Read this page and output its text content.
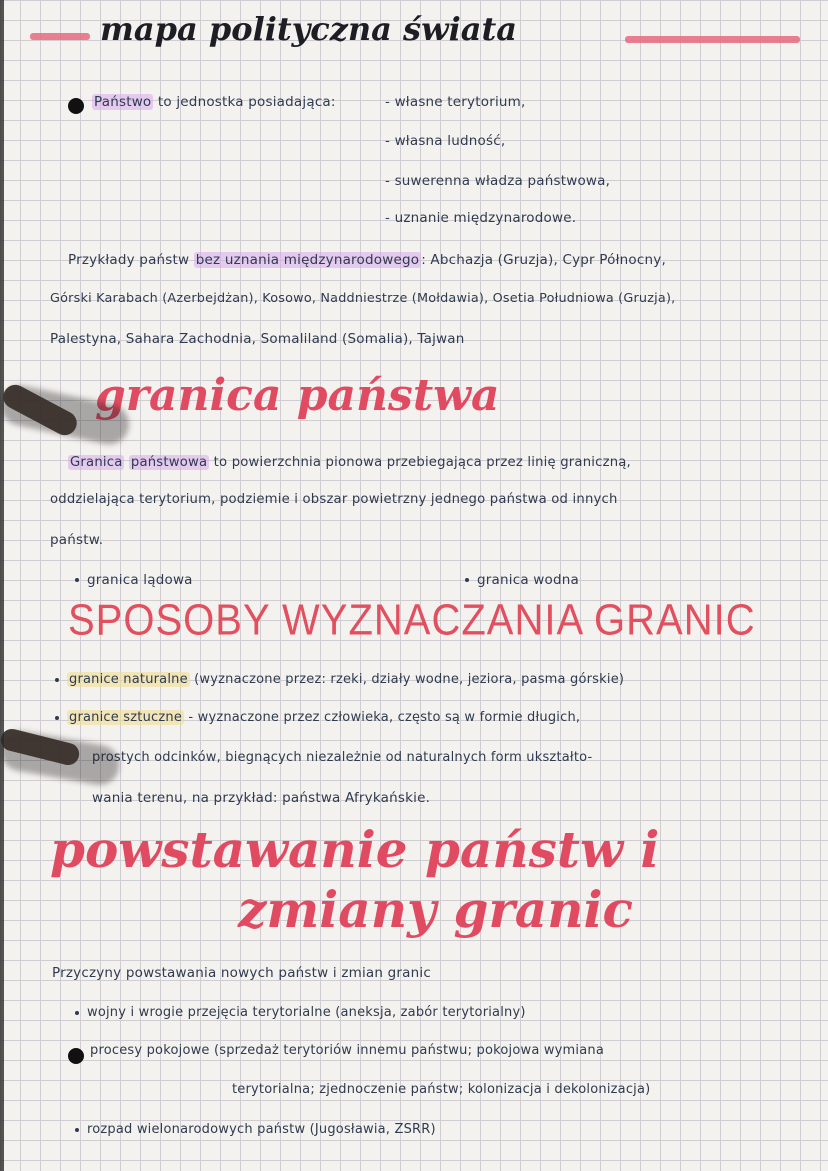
mapa polityczna świata
Państwo to jednostka posiadająca:	- własne terytorium,
- własna ludność,
- suwerenna władza państwowa,
- uznanie międzynarodowe.
Przykłady państw bez uznania międzynarodowego : Abchazja (Gruzja), Cypr Północny,
Górski Karabach (Azerbejdżan), Kosowo, Naddniestrze (Mołdawia), Osetia Południowa (Gruzja),
Palestyna, Sahara Zachodnia, Somaliland (Somalia), Tajwan
granica państwa
Granica państwowa to powierzchnia pionowa przebiegająca przez linię graniczną,
oddzielająca terytorium, podziemie i obszar powietrzny jednego państwa od innych
państw.
granica lądowa	granica wodna
SPOSOBY WYZNACZANIA GRANIC
granice naturalne (wyznaczone przez: rzeki, działy wodne, jeziora, pasma górskie)
granice sztuczne - wyznaczone przez człowieka, często są w formie długich,
prostych odcinków, biegnących niezależnie od naturalnych form ukształto-
wania terenu, na przykład: państwa Afrykańskie.
powstawanie państw i
zmiany granic
Przyczyny powstawania nowych państw i zmian granic
wojny i wrogie przejęcia terytorialne (aneksja, zabór terytorialny)
procesy pokojowe (sprzedaż terytoriów innemu państwu; pokojowa wymiana
terytorialna; zjednoczenie państw; kolonizacja i dekolonizacja)
rozpad wielonarodowych państw (Jugosławia, ZSRR)
